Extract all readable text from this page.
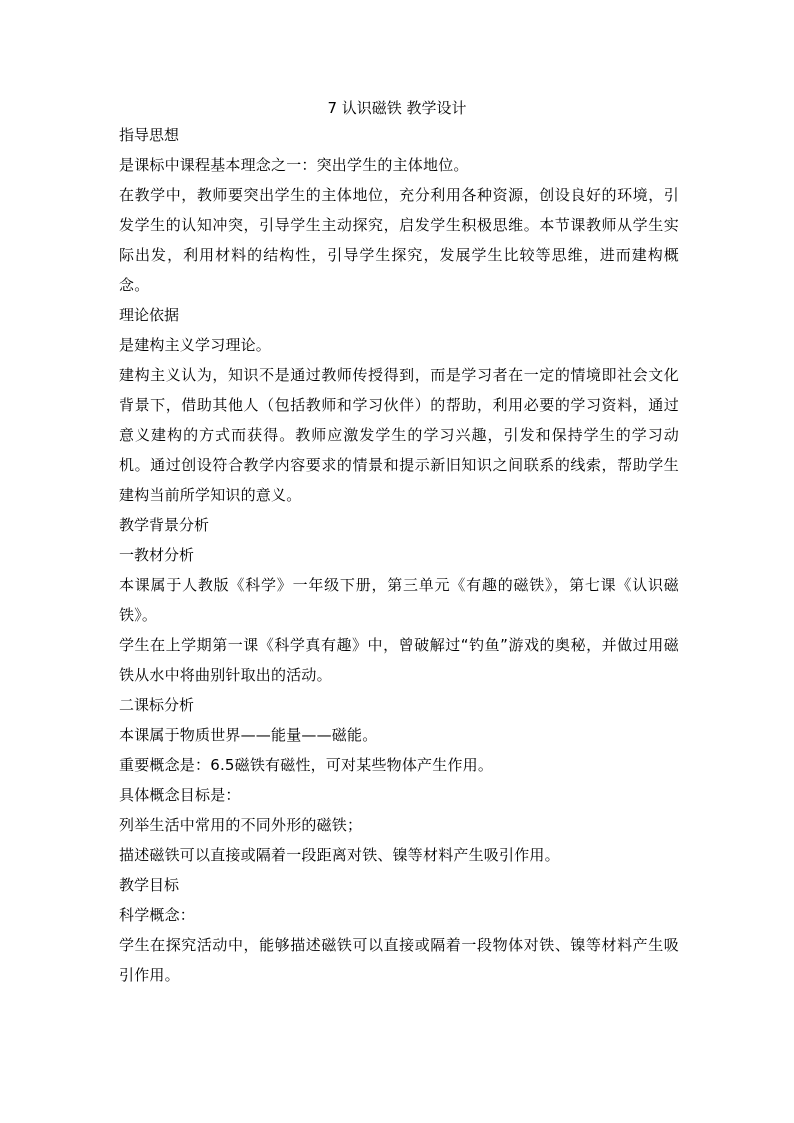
7 认识磁铁 教学设计

指导思想

是课标中课程基本理念之一：突出学生的主体地位。

在教学中，教师要突出学生的主体地位，充分利用各种资源，创设良好的环境，引发学生的认知冲突，引导学生主动探究，启发学生积极思维。本节课教师从学生实际出发，利用材料的结构性，引导学生探究，发展学生比较等思维，进而建构概念。

理论依据

是建构主义学习理论。

建构主义认为，知识不是通过教师传授得到，而是学习者在一定的情境即社会文化背景下，借助其他人（包括教师和学习伙伴）的帮助，利用必要的学习资料，通过意义建构的方式而获得。教师应激发学生的学习兴趣，引发和保持学生的学习动机。通过创设符合教学内容要求的情景和提示新旧知识之间联系的线索，帮助学生建构当前所学知识的意义。

教学背景分析

一教材分析

本课属于人教版《科学》一年级下册，第三单元《有趣的磁铁》，第七课《认识磁铁》。

学生在上学期第一课《科学真有趣》中，曾破解过“钓鱼”游戏的奥秘，并做过用磁铁从水中将曲别针取出的活动。

二课标分析

本课属于物质世界——能量——磁能。

重要概念是：6.5磁铁有磁性，可对某些物体产生作用。

具体概念目标是：

列举生活中常用的不同外形的磁铁；

描述磁铁可以直接或隔着一段距离对铁、镍等材料产生吸引作用。

教学目标

科学概念：

学生在探究活动中，能够描述磁铁可以直接或隔着一段物体对铁、镍等材料产生吸引作用。
